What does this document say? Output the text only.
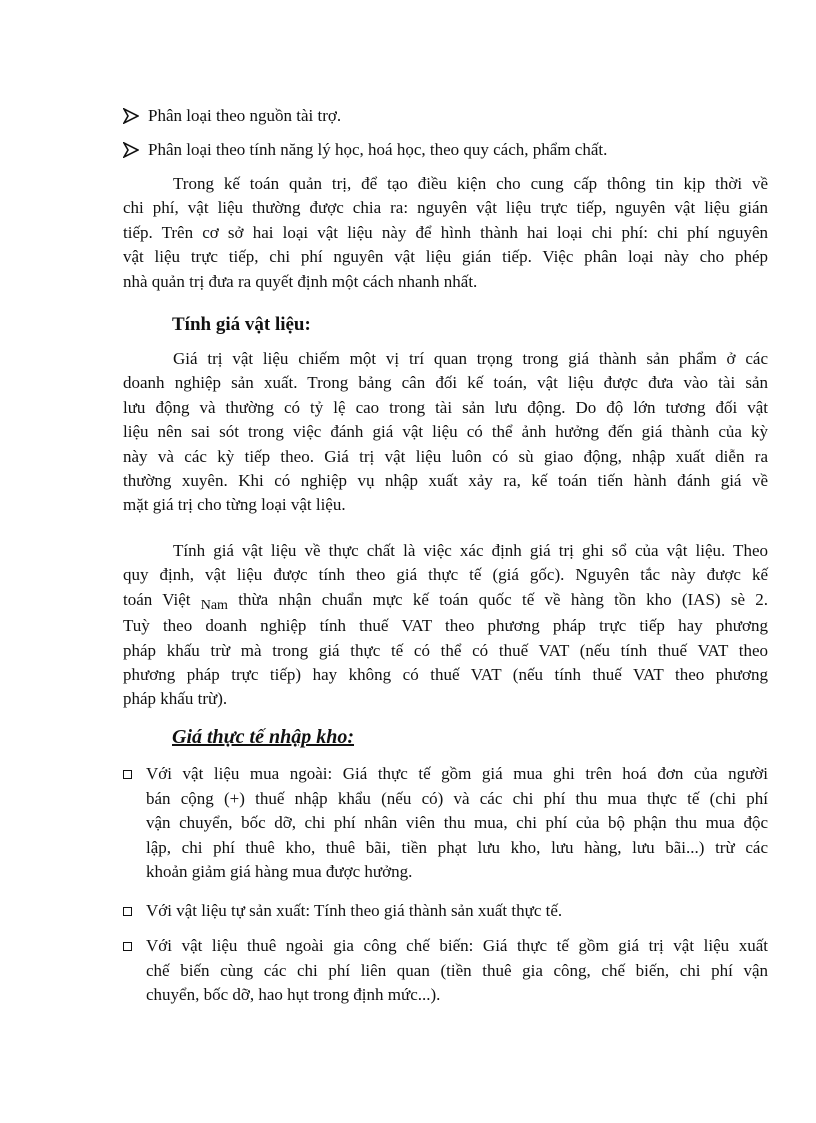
Phân loại theo nguồn tài trợ.
Phân loại theo tính năng lý học, hoá học, theo quy cách, phẩm chất.
Trong kế toán quản trị, để tạo điều kiện cho cung cấp thông tin kịp thời về
chi phí, vật liệu thường được chia ra: nguyên vật liệu trực tiếp, nguyên vật liệu gián
tiếp. Trên cơ sở hai loại vật liệu này để hình thành hai loại chi phí: chi phí nguyên
vật liệu trực tiếp, chi phí nguyên vật liệu gián tiếp. Việc phân loại này cho phép
nhà quản trị đưa ra quyết định một cách nhanh nhất.
Tính giá vật liệu:
Giá trị vật liệu chiếm một vị trí quan trọng trong giá thành sản phẩm ở các
doanh nghiệp sản xuất. Trong bảng cân đối kế toán, vật liệu được đưa vào tài sản
lưu động và thường có tỷ lệ cao trong tài sản lưu động. Do độ lớn tương đối vật
liệu nên sai sót trong việc đánh giá vật liệu có thể ảnh hưởng đến giá thành của kỳ
này và các kỳ tiếp theo. Giá trị vật liệu luôn có sù giao động, nhập xuất diễn ra
thường xuyên. Khi có nghiệp vụ nhập xuất xảy ra, kế toán tiến hành đánh giá về
mặt giá trị cho từng loại vật liệu.
Tính giá vật liệu về thực chất là việc xác định giá trị ghi sổ của vật liệu. Theo
quy định, vật liệu được tính theo giá thực tế (giá gốc). Nguyên tắc này được kế
toán Việt $_{Nam}$ thừa nhận chuẩn mực kế toán quốc tế về hàng tồn kho (IAS) sè 2.
Tuỳ theo doanh nghiệp tính thuế VAT theo phương pháp trực tiếp hay phương
pháp khấu trừ mà trong giá thực tế có thể có thuế VAT (nếu tính thuế VAT theo
phương pháp trực tiếp) hay không có thuế VAT (nếu tính thuế VAT theo phương
pháp khấu trừ).
Giá thực tế nhập kho:
Với vật liệu mua ngoài: Giá thực tế gồm giá mua ghi trên hoá đơn của người
bán cộng (+) thuế nhập khẩu (nếu có) và các chi phí thu mua thực tế (chi phí
vận chuyển, bốc dỡ, chi phí nhân viên thu mua, chi phí của bộ phận thu mua độc
lập, chi phí thuê kho, thuê bãi, tiền phạt lưu kho, lưu hàng, lưu bãi...) trừ các
khoản giảm giá hàng mua được hưởng.
Với vật liệu tự sản xuất: Tính theo giá thành sản xuất thực tế.
Với vật liệu thuê ngoài gia công chế biến: Giá thực tế gồm giá trị vật liệu xuất
chế biến cùng các chi phí liên quan (tiền thuê gia công, chế biến, chi phí vận
chuyển, bốc dỡ, hao hụt trong định mức...).
